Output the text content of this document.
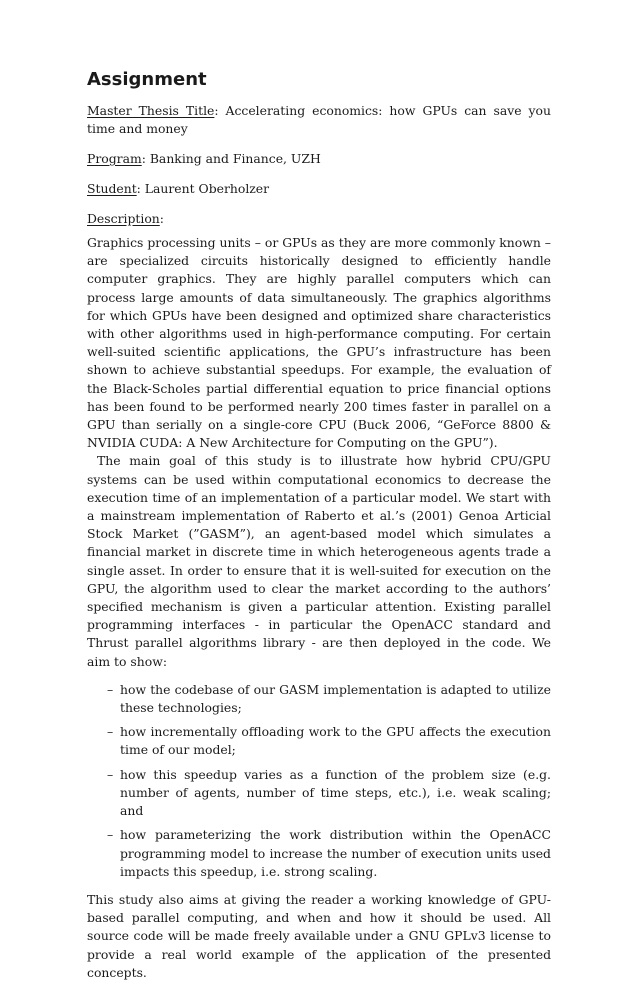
Assignment

Master Thesis Title: Accelerating economics: how GPUs can save you time and money

Program: Banking and Finance, UZH

Student: Laurent Oberholzer

Description:

Graphics processing units – or GPUs as they are more commonly known – are specialized circuits historically designed to efficiently handle computer graphics. They are highly parallel computers which can process large amounts of data simultaneously. The graphics algorithms for which GPUs have been designed and optimized share characteristics with other algorithms used in high-performance computing. For certain well-suited scientific applications, the GPU’s infrastructure has been shown to achieve substantial speedups. For example, the evaluation of the Black-Scholes partial differential equation to price financial options has been found to be performed nearly 200 times faster in parallel on a GPU than serially on a single-core CPU (Buck 2006, “GeForce 8800 & NVIDIA CUDA: A New Architecture for Computing on the GPU”).

The main goal of this study is to illustrate how hybrid CPU/GPU systems can be used within computational economics to decrease the execution time of an implementation of a particular model. We start with a mainstream implementation of Raberto et al.’s (2001) Genoa Articial Stock Market (”GASM”), an agent-based model which simulates a financial market in discrete time in which heterogeneous agents trade a single asset. In order to ensure that it is well-suited for execution on the GPU, the algorithm used to clear the market according to the authors’ specified mechanism is given a particular attention. Existing parallel programming interfaces - in particular the OpenACC standard and Thrust parallel algorithms library - are then deployed in the code. We aim to show:

– how the codebase of our GASM implementation is adapted to utilize these technologies;
– how incrementally offloading work to the GPU affects the execution time of our model;
– how this speedup varies as a function of the problem size (e.g. number of agents, number of time steps, etc.), i.e. weak scaling; and
– how parameterizing the work distribution within the OpenACC programming model to increase the number of execution units used impacts this speedup, i.e. strong scaling.

This study also aims at giving the reader a working knowledge of GPU-based parallel computing, and when and how it should be used. All source code will be made freely available under a GNU GPLv3 license to provide a real world example of the application of the presented concepts.
